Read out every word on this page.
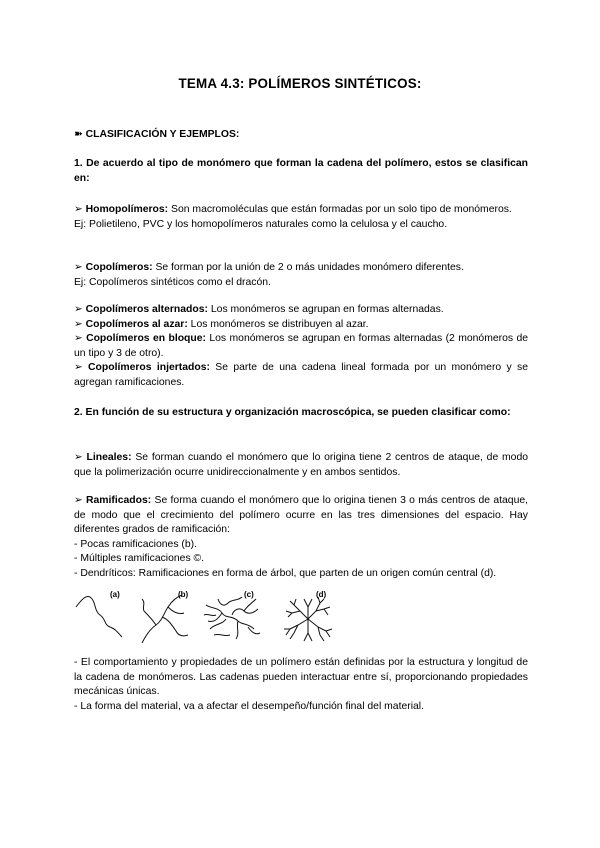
TEMA 4.3: POLÍMEROS SINTÉTICOS:

➽ CLASIFICACIÓN Y EJEMPLOS:

1. De acuerdo al tipo de monómero que forman la cadena del polímero, estos se clasifican en:

➢ Homopolímeros: Son macromoléculas que están formadas por un solo tipo de monómeros.
Ej: Polietileno, PVC y los homopolímeros naturales como la celulosa y el caucho.

➢ Copolímeros: Se forman por la unión de 2 o más unidades monómero diferentes.
Ej: Copolímeros sintéticos como el dracón.

➢ Copolímeros alternados: Los monómeros se agrupan en formas alternadas.
➢ Copolímeros al azar: Los monómeros se distribuyen al azar.
➢ Copolímeros en bloque: Los monómeros se agrupan en formas alternadas (2 monómeros de un tipo y 3 de otro).
➢ Copolímeros injertados: Se parte de una cadena lineal formada por un monómero y se agregan ramificaciones.

2. En función de su estructura y organización macroscópica, se pueden clasificar como:

➢ Lineales: Se forman cuando el monómero que lo origina tiene 2 centros de ataque, de modo que la polimerización ocurre unidireccionalmente y en ambos sentidos.

➢ Ramificados: Se forma cuando el monómero que lo origina tienen 3 o más centros de ataque, de modo que el crecimiento del polímero ocurre en las tres dimensiones del espacio. Hay diferentes grados de ramificación:
- Pocas ramificaciones (b).
- Múltiples ramificaciones ©.
- Dendríticos: Ramificaciones en forma de árbol, que parten de un origen común central (d).

(a)	(b)	(c)	(d)

- El comportamiento y propiedades de un polímero están definidas por la estructura y longitud de la cadena de monómeros. Las cadenas pueden interactuar entre sí, proporcionando propiedades mecánicas únicas.

- La forma del material, va a afectar el desempeño/función final del material.
